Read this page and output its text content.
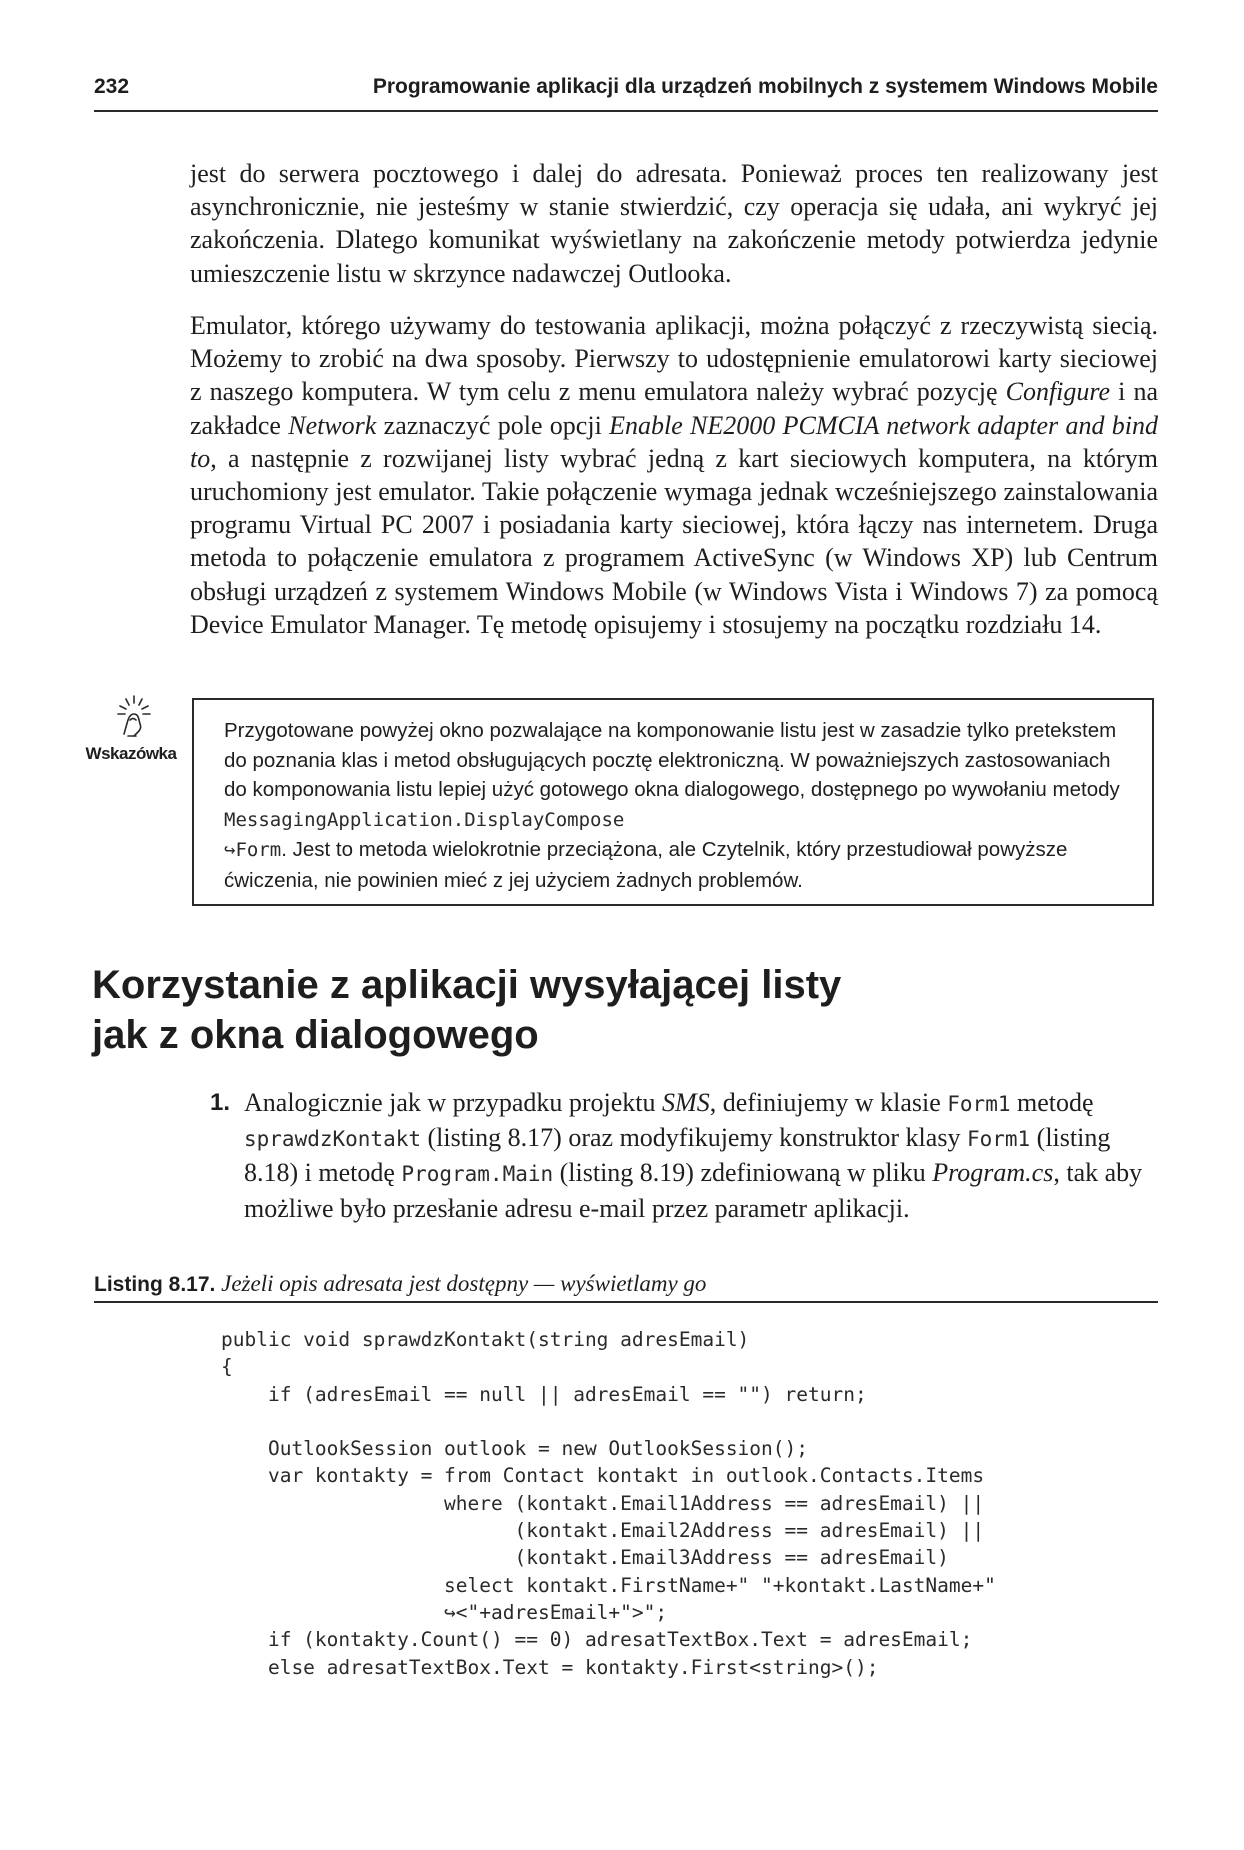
232	Programowanie aplikacji dla urządzeń mobilnych z systemem Windows Mobile

jest do serwera pocztowego i dalej do adresata. Ponieważ proces ten realizowany jest asynchronicznie, nie jesteśmy w stanie stwierdzić, czy operacja się udała, ani wykryć jej zakończenia. Dlatego komunikat wyświetlany na zakończenie metody potwierdza jedynie umieszczenie listu w skrzynce nadawczej Outlooka.

Emulator, którego używamy do testowania aplikacji, można połączyć z rzeczywistą siecią. Możemy to zrobić na dwa sposoby. Pierwszy to udostępnienie emulatorowi karty sieciowej z naszego komputera. W tym celu z menu emulatora należy wybrać pozycję Configure i na zakładce Network zaznaczyć pole opcji Enable NE2000 PCMCIA network adapter and bind to, a następnie z rozwijanej listy wybrać jedną z kart sieciowych komputera, na którym uruchomiony jest emulator. Takie połączenie wymaga jednak wcześniejszego zainstalowania programu Virtual PC 2007 i posiadania karty sieciowej, która łączy nas internetem. Druga metoda to połączenie emulatora z programem ActiveSync (w Windows XP) lub Centrum obsługi urządzeń z systemem Windows Mobile (w Windows Vista i Windows 7) za pomocą Device Emulator Manager. Tę metodę opisujemy i stosujemy na początku rozdziału 14.

Wskazówka

Przygotowane powyżej okno pozwalające na komponowanie listu jest w zasadzie tylko pretekstem do poznania klas i metod obsługujących pocztę elektroniczną. W poważniejszych zastosowaniach do komponowania listu lepiej użyć gotowego okna dialogowego, dostępnego po wywołaniu metody MessagingApplication.DisplayCompose
↪Form. Jest to metoda wielokrotnie przeciążona, ale Czytelnik, który przestudiował powyższe ćwiczenia, nie powinien mieć z jej użyciem żadnych problemów.

Korzystanie z aplikacji wysyłającej listy
jak z okna dialogowego
1. Analogicznie jak w przypadku projektu SMS, definiujemy w klasie Form1 metodę
sprawdzKontakt (listing 8.17) oraz modyfikujemy konstruktor klasy Form1 (listing 8.18) i metodę Program.Main (listing 8.19) zdefiniowaną w pliku Program.cs, tak aby możliwe było przesłanie adresu e-mail przez parametr aplikacji.
Listing 8.17. Jeżeli opis adresata jest dostępny — wyświetlamy go
public void sprawdzKontakt(string adresEmail)
{
if (adresEmail == null || adresEmail == "") return;

OutlookSession outlook = new OutlookSession();
var kontakty = from Contact kontakt in outlook.Contacts.Items
where (kontakt.Email1Address == adresEmail) ||
(kontakt.Email2Address == adresEmail) ||
(kontakt.Email3Address == adresEmail)
select kontakt.FirstName+" "+kontakt.LastName+"
↪<"+adresEmail+">";
if (kontakty.Count() == 0) adresatTextBox.Text = adresEmail;
else adresatTextBox.Text = kontakty.First<string>();
